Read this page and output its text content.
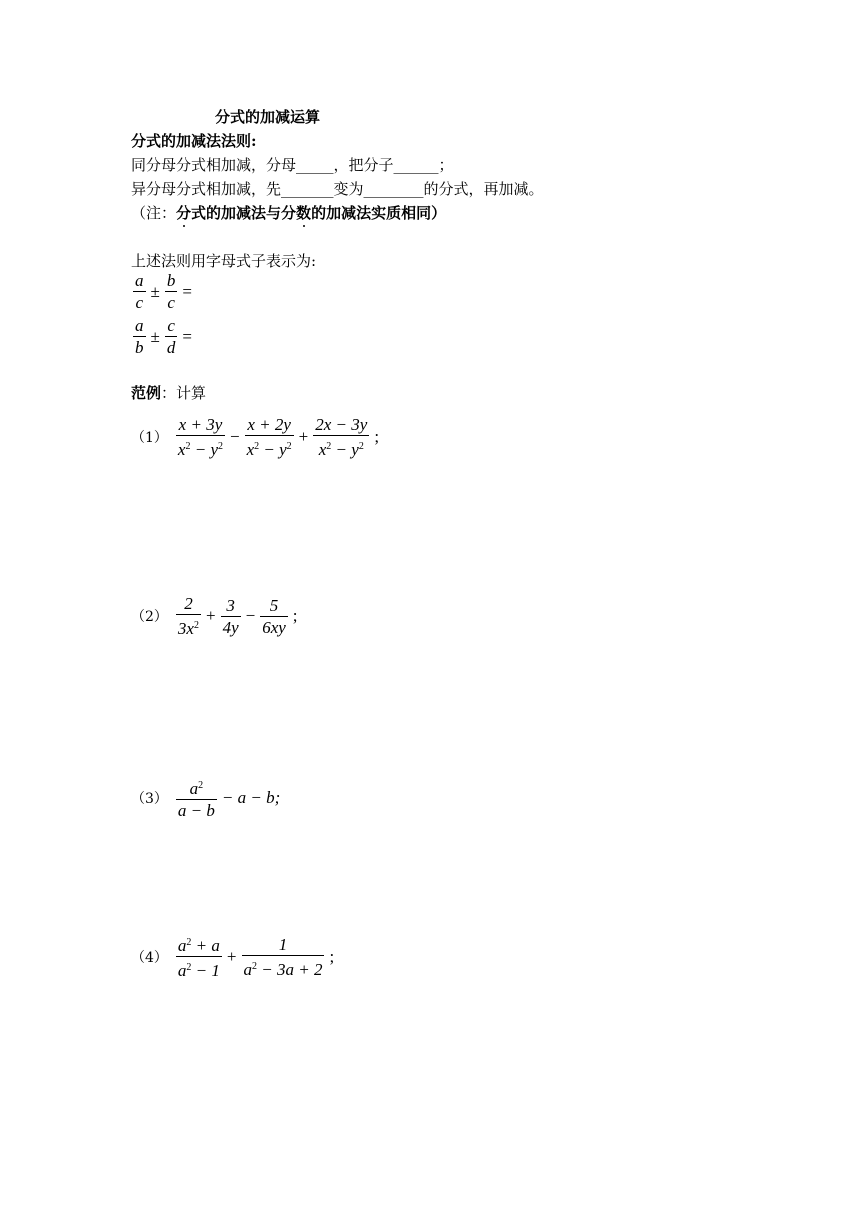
分式的加减运算
分式的加减法法则:
同分母分式相加减，分母_____，把分子______；
异分母分式相加减，先_______变为________的分式，再加减。
（注：分式的加减法与分数的加减法实质相同）
上述法则用字母式子表示为:
$\frac{a}{c} \pm \frac{b}{c}$ =
$\frac{a}{b} \pm \frac{c}{d}$ =
范例：计算
$(1) \frac{x + 3y}{x^2 - y^2} - \frac{x + 2y}{x^2 - y^2} + \frac{2x - 3y}{x^2 - y^2}$ ;
$(2) \frac{2}{3x^2} + \frac{3}{4y} - \frac{5}{6xy}$ ;
$(3) \frac{a^2}{a - b} - a - b$;
$(4) \frac{a^2 + a}{a^2 - 1} + \frac{1}{a^2 - 3a + 2}$ ;
